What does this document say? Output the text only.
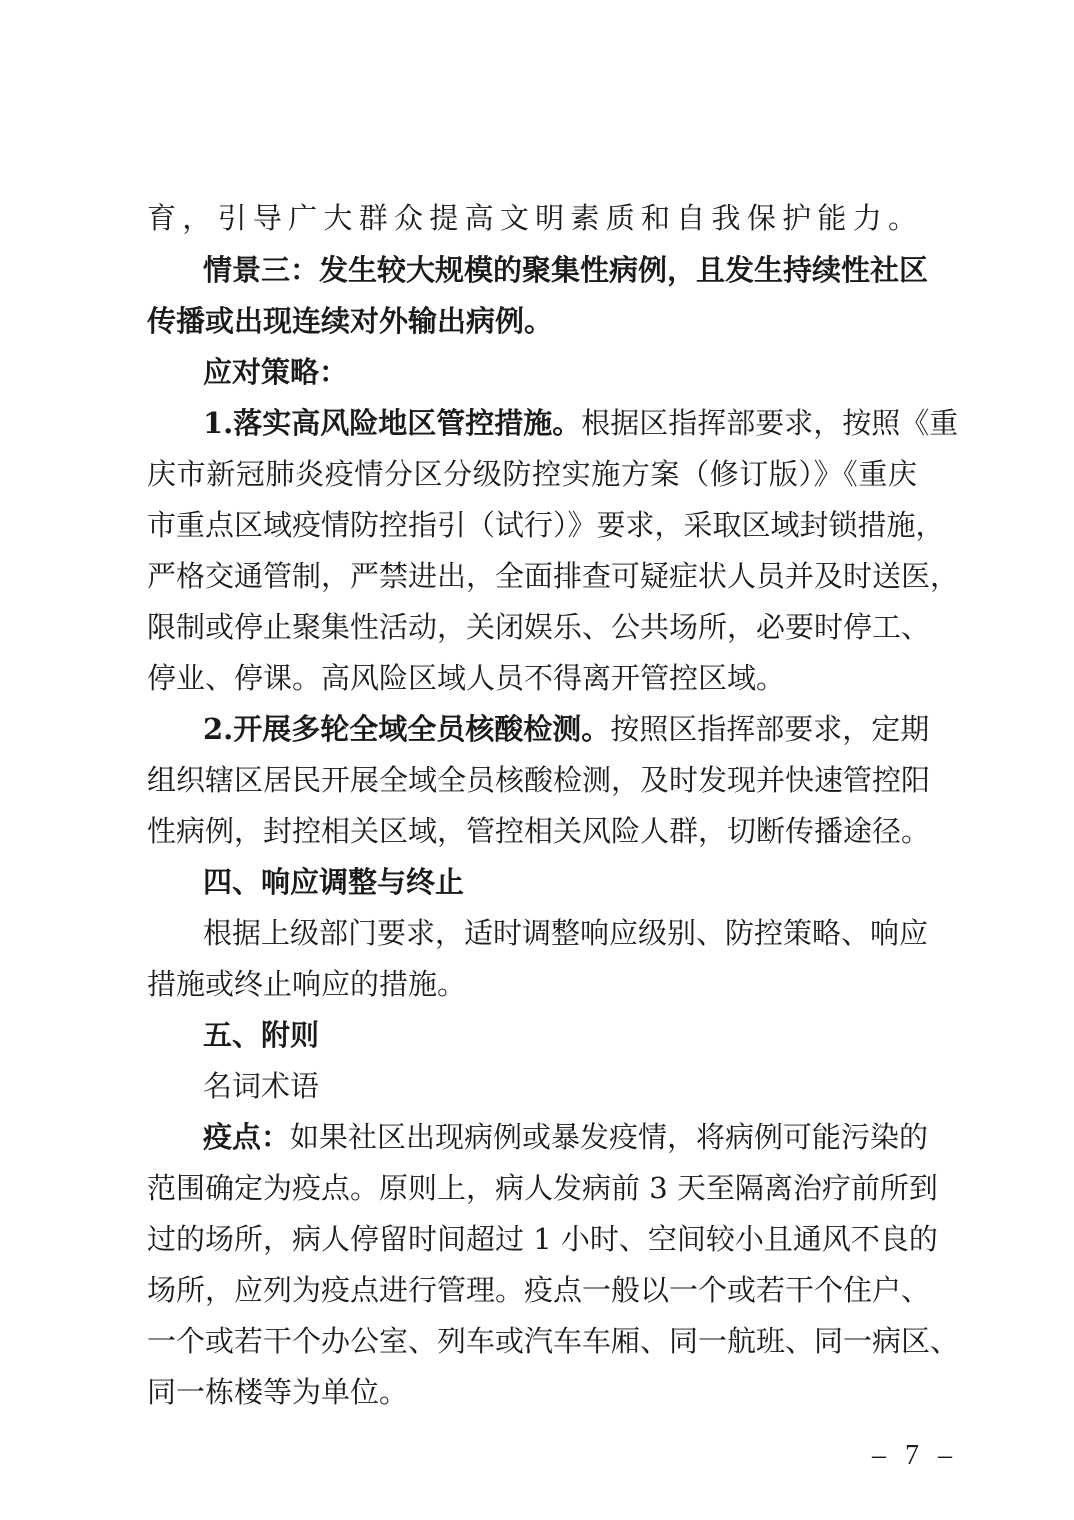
育，引导广大群众提高文明素质和自我保护能力。
情景三：发生较大规模的聚集性病例，且发生持续性社区
传播或出现连续对外输出病例。
应对策略：
1.落实高风险地区管控措施。根据区指挥部要求，按照《重
庆市新冠肺炎疫情分区分级防控实施方案（修订版）》《重庆
市重点区域疫情防控指引（试行）》要求，采取区域封锁措施，
严格交通管制，严禁进出，全面排查可疑症状人员并及时送医，
限制或停止聚集性活动，关闭娱乐、公共场所，必要时停工、
停业、停课。高风险区域人员不得离开管控区域。
2.开展多轮全域全员核酸检测。按照区指挥部要求，定期
组织辖区居民开展全域全员核酸检测，及时发现并快速管控阳
性病例，封控相关区域，管控相关风险人群，切断传播途径。
四、响应调整与终止
根据上级部门要求，适时调整响应级别、防控策略、响应
措施或终止响应的措施。
五、附则
名词术语
疫点：如果社区出现病例或暴发疫情，将病例可能污染的
范围确定为疫点。原则上，病人发病前 3 天至隔离治疗前所到
过的场所，病人停留时间超过 1 小时、空间较小且通风不良的
场所，应列为疫点进行管理。疫点一般以一个或若干个住户、
一个或若干个办公室、列车或汽车车厢、同一航班、同一病区、
同一栋楼等为单位。
– 7 –
